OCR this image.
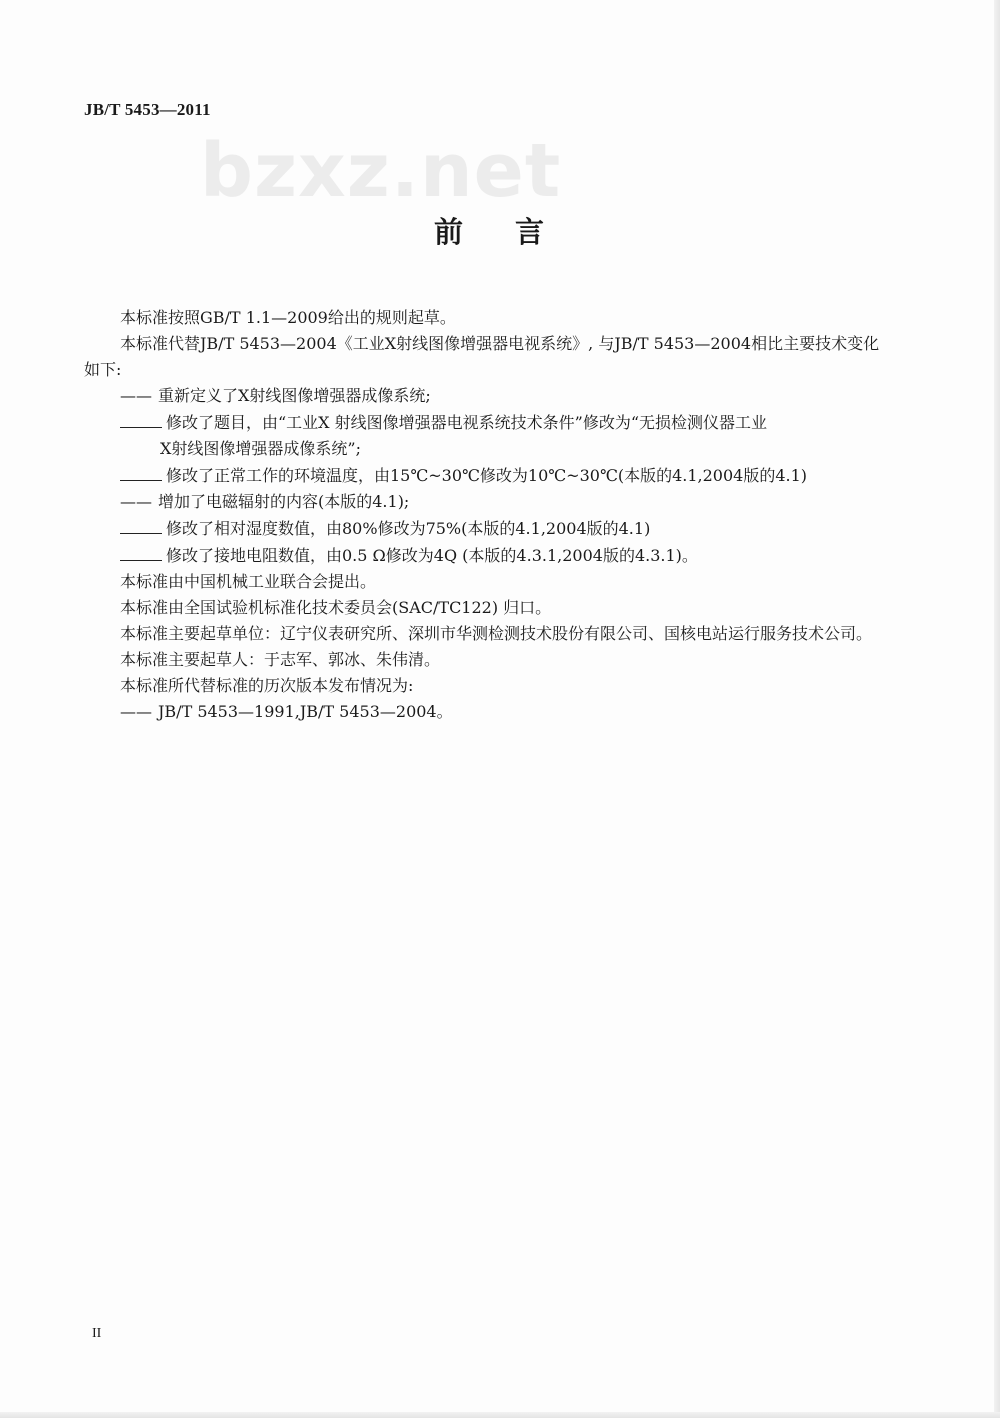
JB/T 5453—2011
bzxz.net
前言

本标准按照GB/T 1.1—2009给出的规则起草。

本标准代替JB/T 5453—2004《工业X射线图像增强器电视系统》, 与JB/T 5453—2004相比主要技术变化如下:

—— 重新定义了X射线图像增强器成像系统;

修改了题目，由“工业X 射线图像增强器电视系统技术条件”修改为“无损检测仪器工业
X射线图像增强器成像系统”;

修改了正常工作的环境温度，由15℃~30℃修改为10℃~30℃(本版的4.1,2004版的4.1)

—— 增加了电磁辐射的内容(本版的4.1);

修改了相对湿度数值，由80%修改为75%(本版的4.1,2004版的4.1)

修改了接地电阻数值，由0.5 Ω修改为4Q (本版的4.3.1,2004版的4.3.1)。

本标准由中国机械工业联合会提出。

本标准由全国试验机标准化技术委员会(SAC/TC122) 归口。

本标准主要起草单位：辽宁仪表研究所、深圳市华测检测技术股份有限公司、国核电站运行服务技术公司。

本标准主要起草人：于志军、郭冰、朱伟清。

本标准所代替标准的历次版本发布情况为:

—— JB/T 5453—1991,JB/T 5453—2004。

II
